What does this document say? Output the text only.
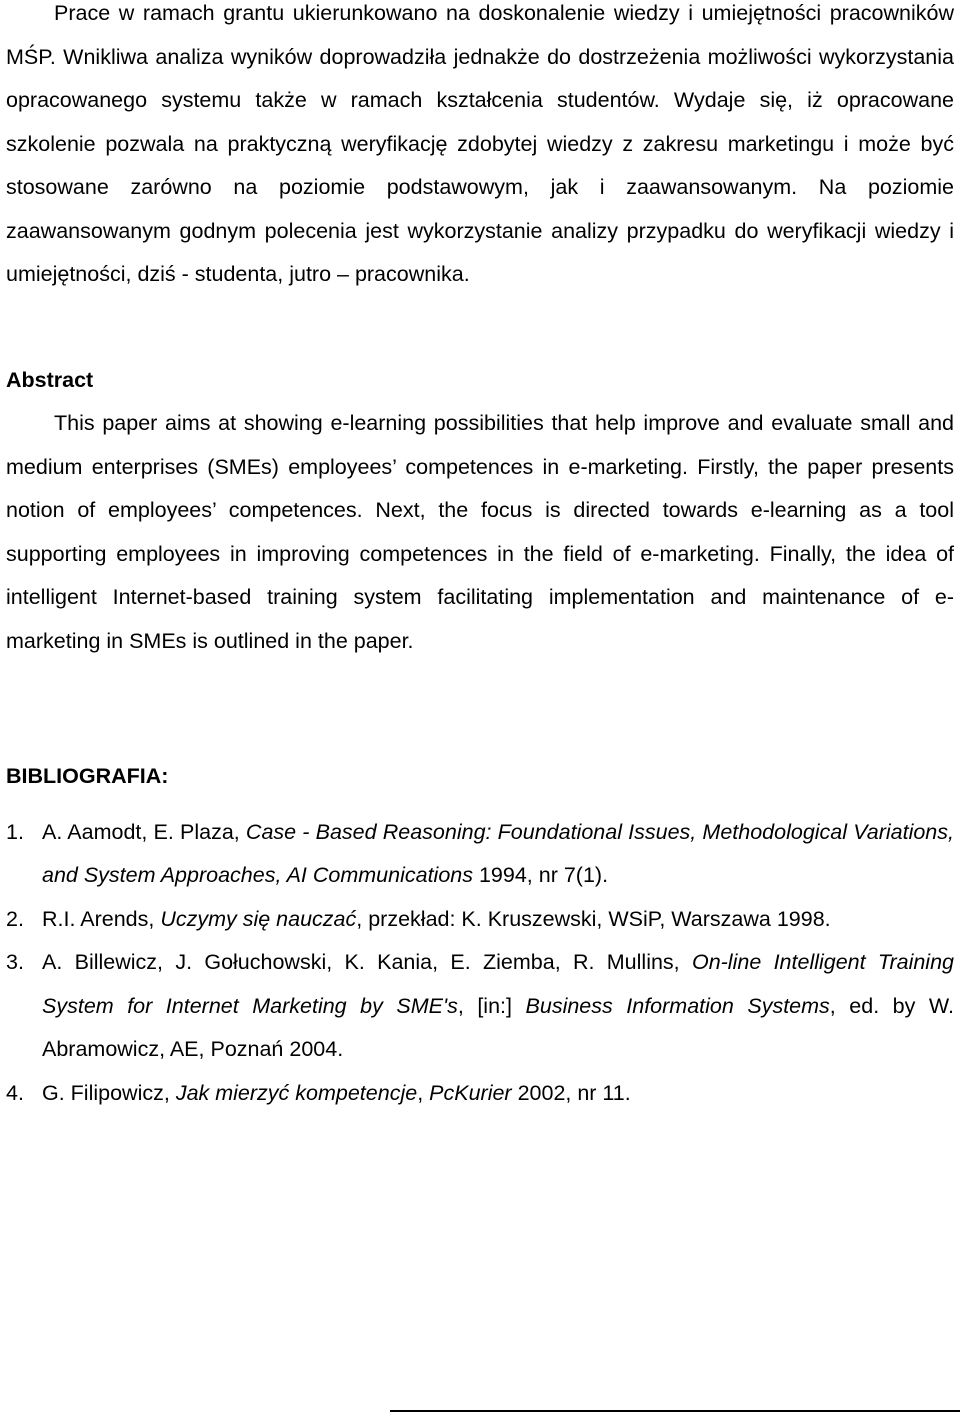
Prace w ramach grantu ukierunkowano na doskonalenie wiedzy i umiejętności pracowników MŚP. Wnikliwa analiza wyników doprowadziła jednakże do dostrzeżenia możliwości wykorzystania opracowanego systemu także w ramach kształcenia studentów. Wydaje się, iż opracowane szkolenie pozwala na praktyczną weryfikację zdobytej wiedzy z zakresu marketingu i może być stosowane zarówno na poziomie podstawowym, jak i zaawansowanym. Na poziomie zaawansowanym godnym polecenia jest wykorzystanie analizy przypadku do weryfikacji wiedzy i umiejętności, dziś - studenta, jutro – pracownika.

Abstract

This paper aims at showing e-learning possibilities that help improve and evaluate small and medium enterprises (SMEs) employees’ competences in e-marketing. Firstly, the paper presents notion of employees’ competences. Next, the focus is directed towards e-learning as a tool supporting employees in improving competences in the field of e-marketing. Finally, the idea of intelligent Internet-based training system facilitating implementation and maintenance of e-marketing in SMEs is outlined in the paper.

BIBLIOGRAFIA:

1. A. Aamodt, E. Plaza, Case - Based Reasoning: Foundational Issues, Methodological Variations, and System Approaches, AI Communications 1994, nr 7(1).
2. R.I. Arends, Uczymy się nauczać, przekład: K. Kruszewski, WSiP, Warszawa 1998.
3. A. Billewicz, J. Gołuchowski, K. Kania, E. Ziemba, R. Mullins, On-line Intelligent Training System for Internet Marketing by SME's, [in:] Business Information Systems, ed. by W. Abramowicz, AE, Poznań 2004.
4. G. Filipowicz, Jak mierzyć kompetencje, PcKurier 2002, nr 11.
